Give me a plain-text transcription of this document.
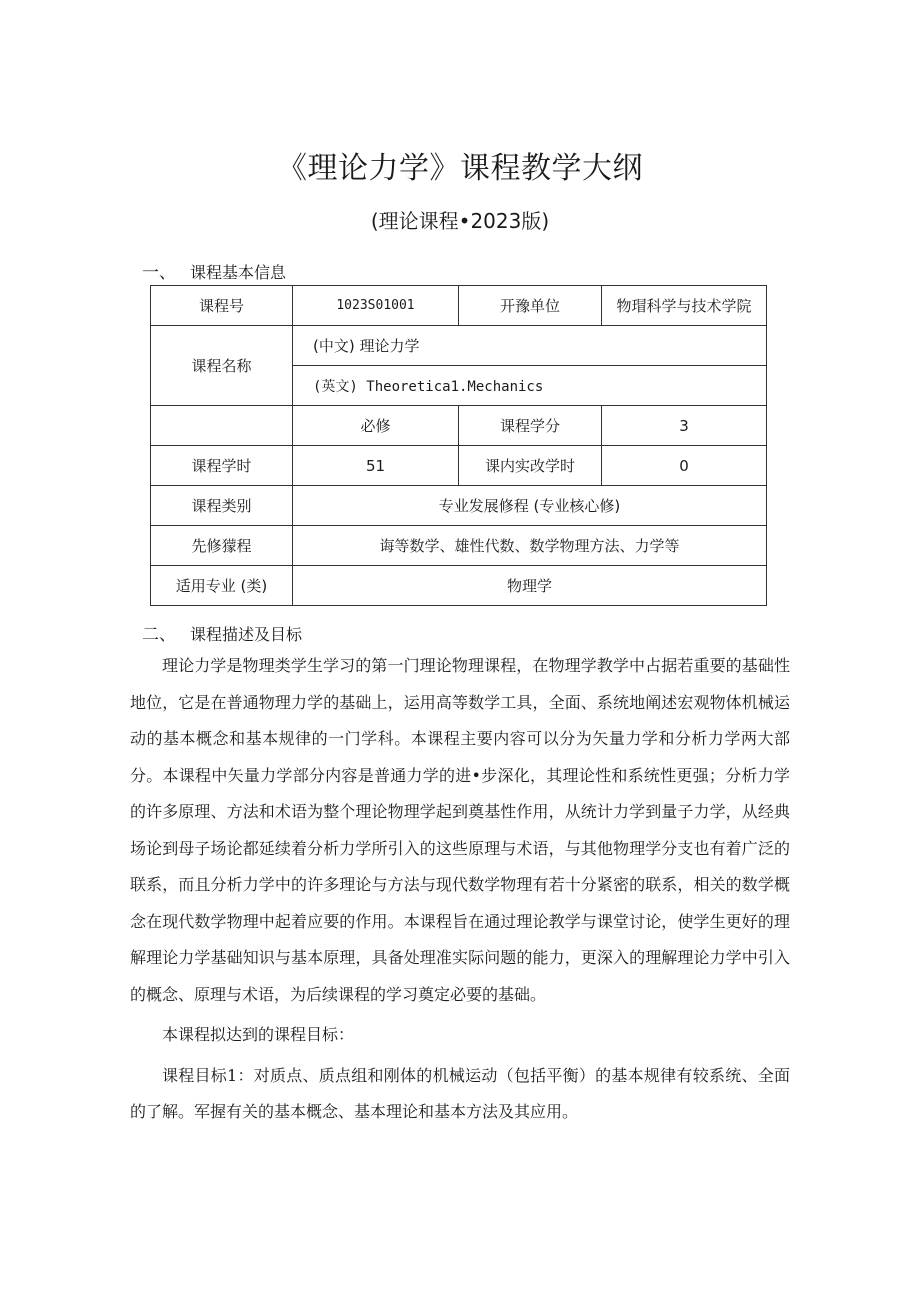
《理论力学》课程教学大纲
(理论课程•2023版)
一、 课程基本信息
课程号	1023S01001	开豫单位	物瑁科学与技术学院
课程名称	(中文) 理论力学		
	(英文) Theoretica1.Mechanics		
	必修	课程学分	3
课程学时	51	课内实改学时	0
课程类别	专业发展修程 (专业核心修)		
先修獴程	诲等数学、雄性代数、数学物理方法、力学等		
适用专业 (类)	物理学		
二、 课程描述及目标

理论力学是物理类学生学习的第一门理论物理课程，在物理学教学中占据若重要的基础性地位，它是在普通物理力学的基础上，运用高等数学工具，全面、系统地阐述宏观物体机械运动的基本概念和基本规律的一门学科。本课程主要内容可以分为矢量力学和分析力学两大部分。本课程中矢量力学部分内容是普通力学的进•步深化，其理论性和系统性更强；分析力学的许多原理、方法和术语为整个理论物理学起到奠基性作用，从统计力学到量子力学，从经典场论到母子场论都延续着分析力学所引入的这些原理与术语，与其他物理学分支也有着广泛的联系，而且分析力学中的许多理论与方法与现代数学物理有若十分紧密的联系，相关的数学概念在现代数学物理中起着应要的作用。本课程旨在通过理论教学与课堂讨论，使学生更好的理解理论力学基础知识与基本原理，具备处理准实际问题的能力，更深入的理解理论力学中引入的概念、原理与术语，为后续课程的学习奠定必要的基础。

本课程拟达到的课程目标：

课程目标1：对质点、质点组和刚体的机械运动（包括平衡）的基本规律有较系统、全面的了解。军握有关的基本概念、基本理论和基本方法及其应用。
